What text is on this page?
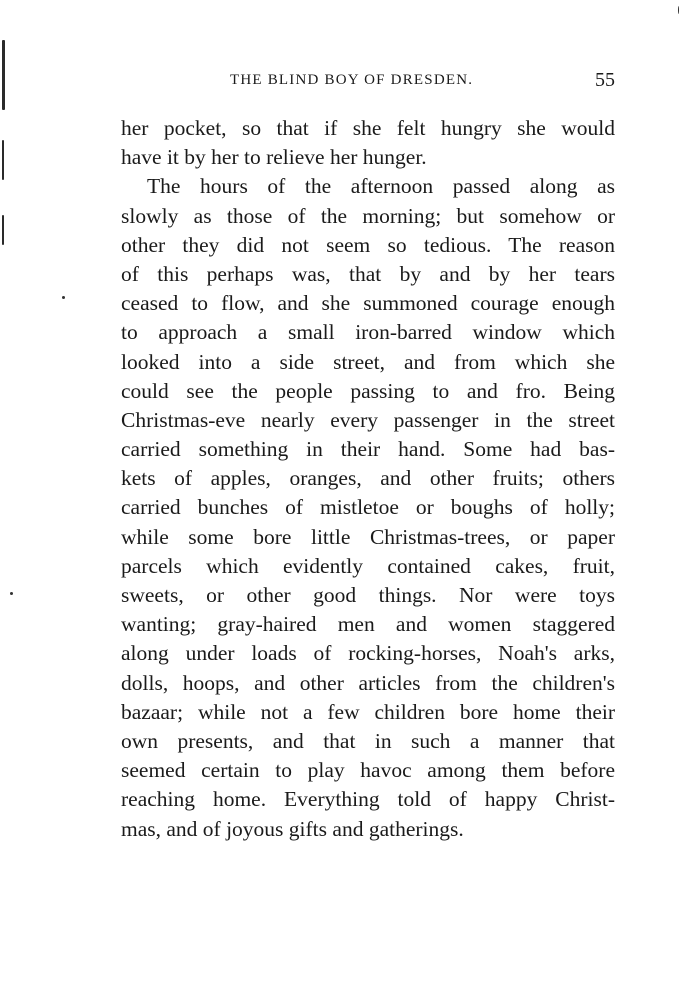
THE BLIND BOY OF DRESDEN.	55
her pocket, so that if she felt hungry she would
have it by her to relieve her hunger.
The hours of the afternoon passed along as
slowly as those of the morning; but somehow or
other they did not seem so tedious. The reason
of this perhaps was, that by and by her tears
ceased to flow, and she summoned courage enough
to approach a small iron-barred window which
looked into a side street, and from which she
could see the people passing to and fro. Being
Christmas-eve nearly every passenger in the street
carried something in their hand. Some had bas-
kets of apples, oranges, and other fruits; others
carried bunches of mistletoe or boughs of holly;
while some bore little Christmas-trees, or paper
parcels which evidently contained cakes, fruit,
sweets, or other good things. Nor were toys
wanting; gray-haired men and women staggered
along under loads of rocking-horses, Noah's arks,
dolls, hoops, and other articles from the children's
bazaar; while not a few children bore home their
own presents, and that in such a manner that
seemed certain to play havoc among them before
reaching home. Everything told of happy Christ-
mas, and of joyous gifts and gatherings.
